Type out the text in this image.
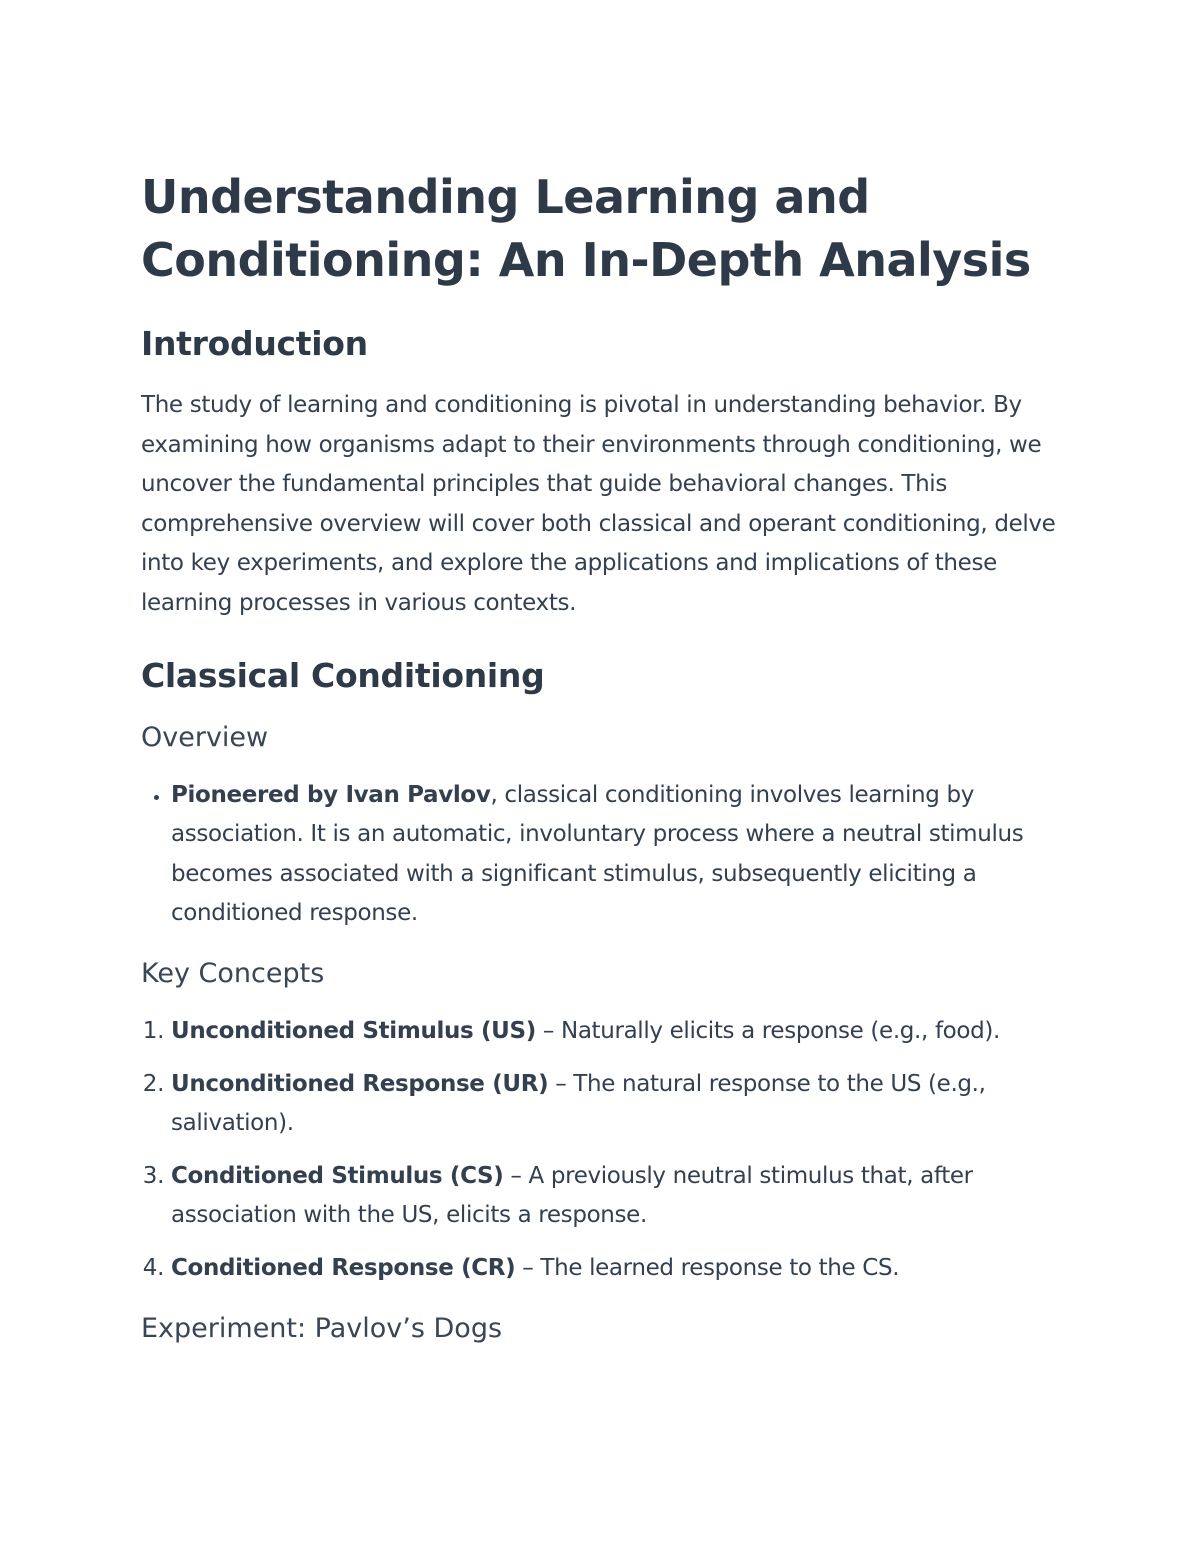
Understanding Learning and Conditioning: An In-Depth Analysis
Introduction

The study of learning and conditioning is pivotal in understanding behavior. By examining how organisms adapt to their environments through conditioning, we uncover the fundamental principles that guide behavioral changes. This comprehensive overview will cover both classical and operant conditioning, delve into key experiments, and explore the applications and implications of these learning processes in various contexts.

Classical Conditioning
Overview
• Pioneered by Ivan Pavlov, classical conditioning involves learning by association. It is an automatic, involuntary process where a neutral stimulus becomes associated with a significant stimulus, subsequently eliciting a conditioned response.
Key Concepts
1. Unconditioned Stimulus (US) – Naturally elicits a response (e.g., food).
2. Unconditioned Response (UR) – The natural response to the US (e.g., salivation).
3. Conditioned Stimulus (CS) – A previously neutral stimulus that, after association with the US, elicits a response.
4. Conditioned Response (CR) – The learned response to the CS.
Experiment: Pavlov’s Dogs
